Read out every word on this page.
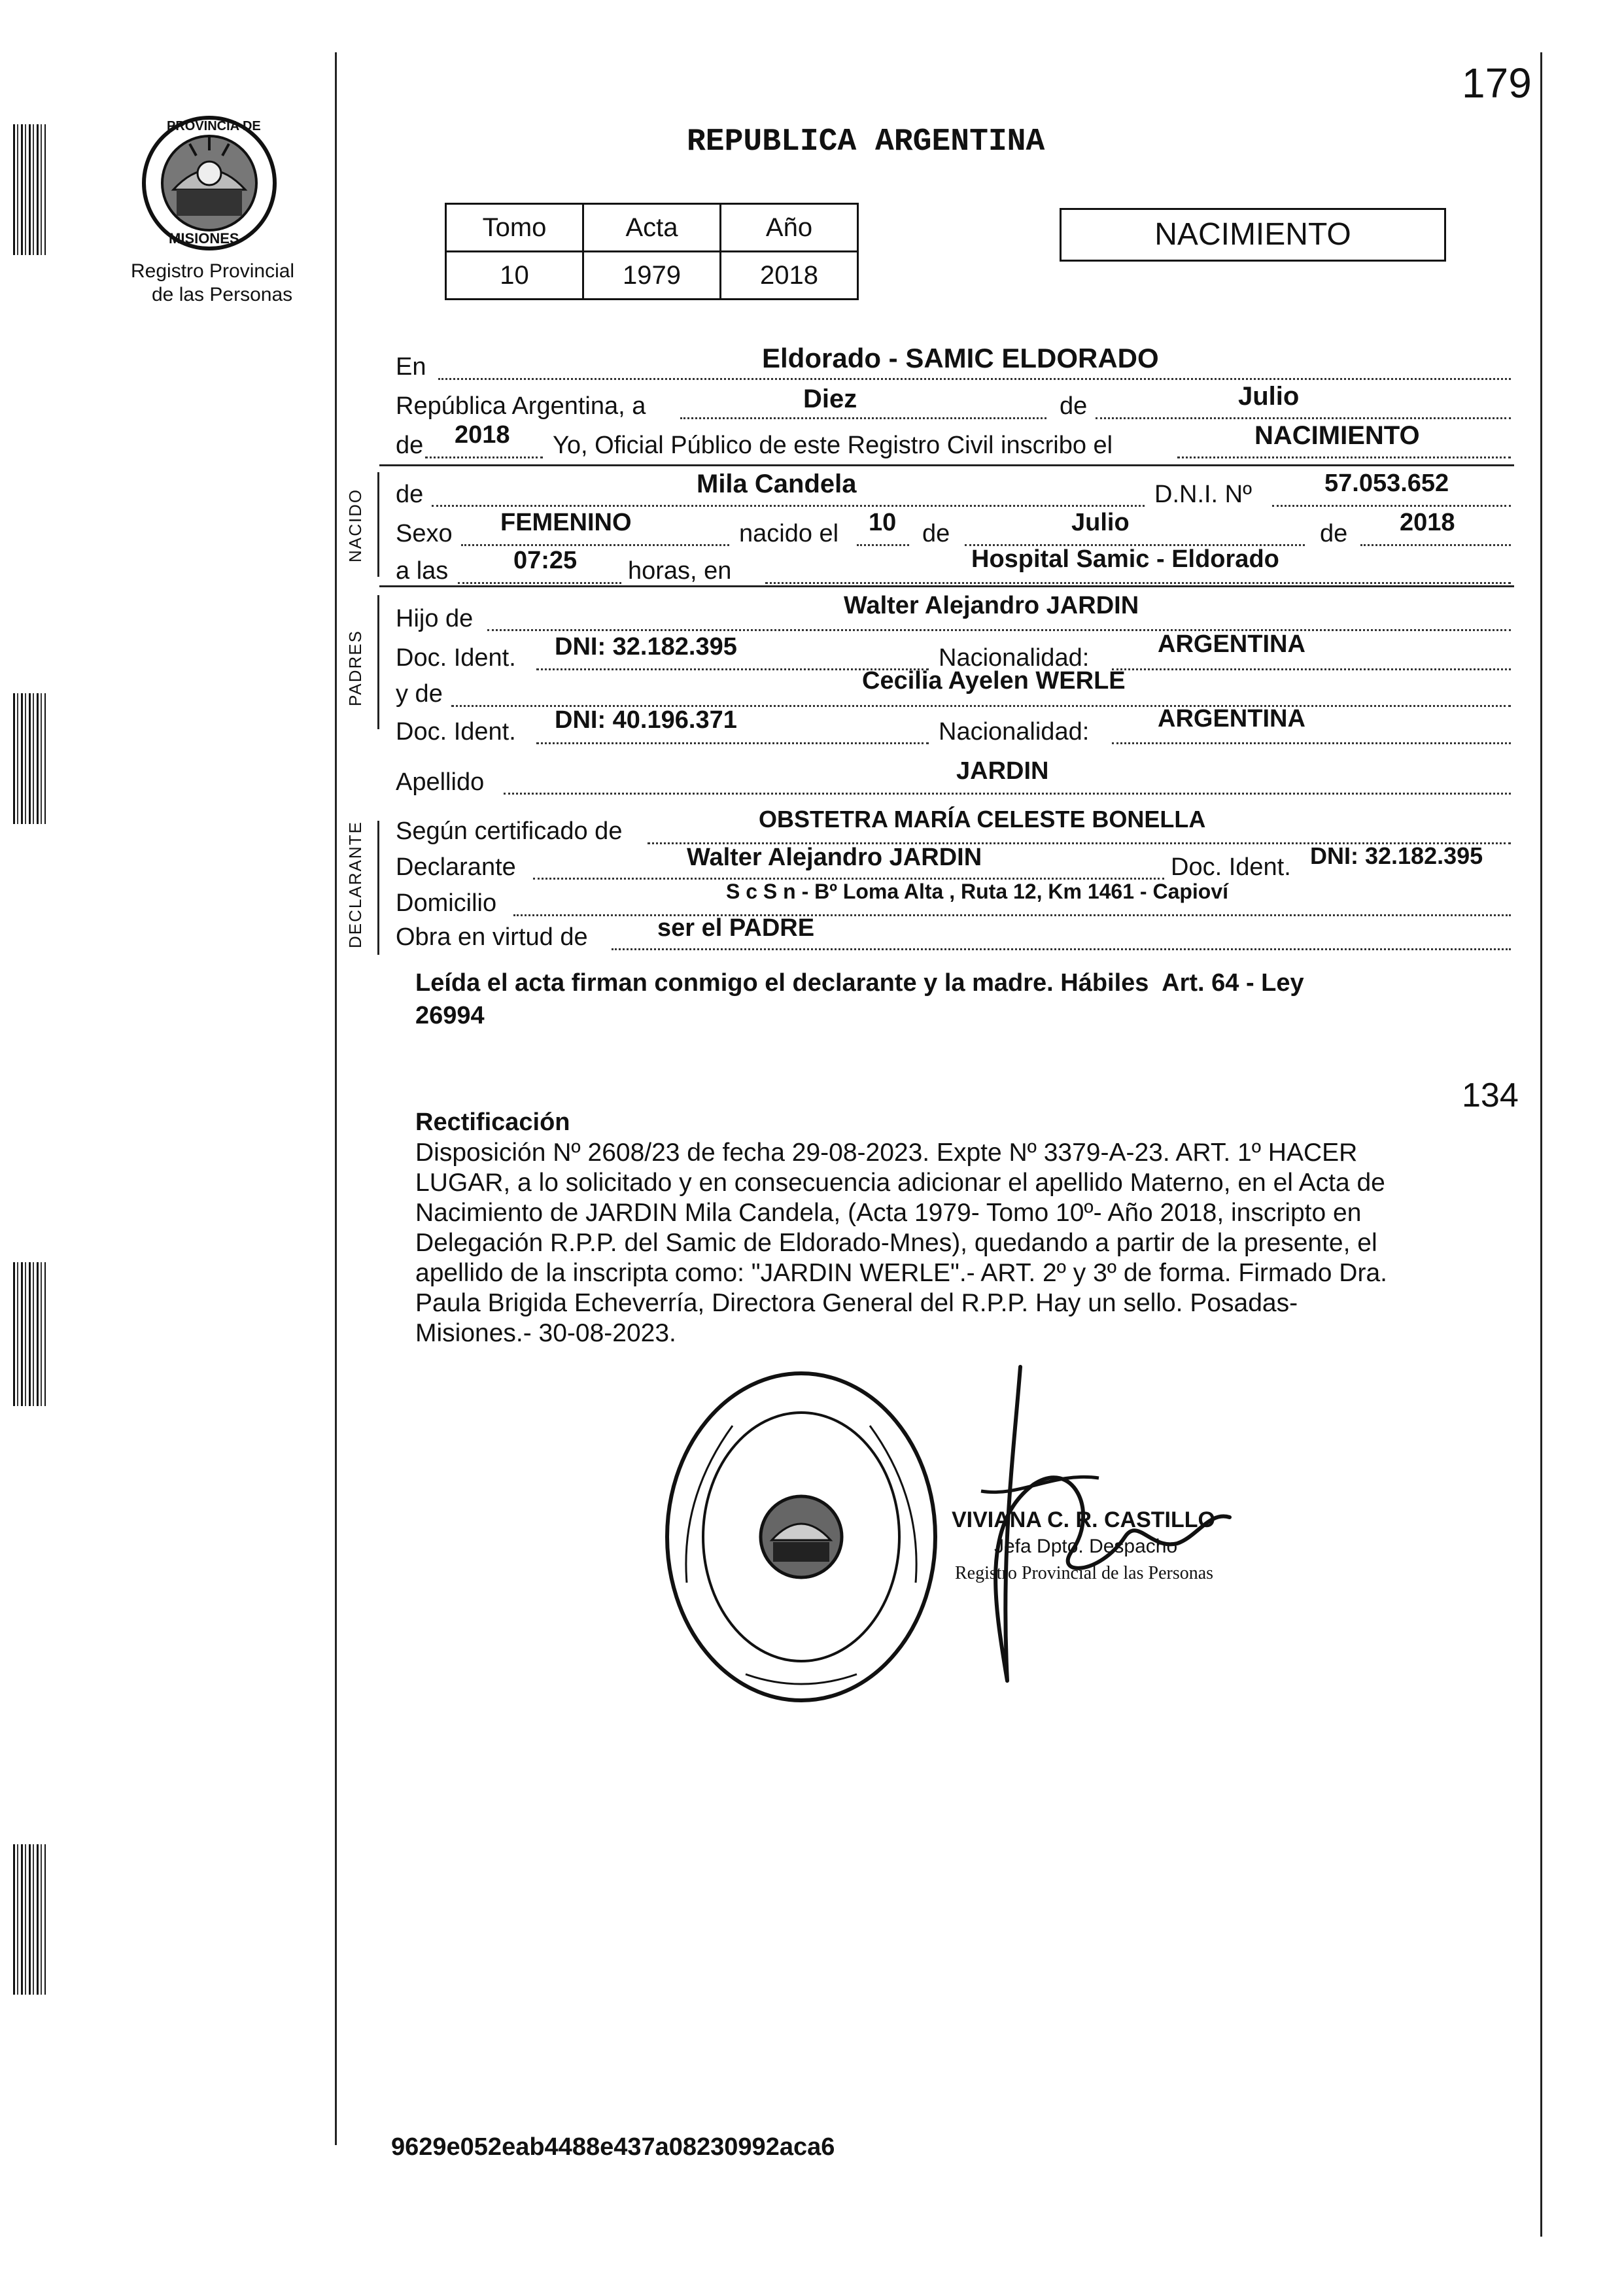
179
PROVINCIA DE
MISIONES
Registro Provincial
de las Personas
REPUBLICA ARGENTINA
Tomo	Acta	Año
10	1979	2018
NACIMIENTO
En	Eldorado - SAMIC ELDORADO
República Argentina, a	Diez	de	Julio
de 2018 Yo, Oficial Público de este Registro Civil inscribo el	NACIMIENTO
NACIDO de	Mila Candela	D.N.I. Nº	57.053.652
Sexo FEMENINO	nacido el 10 de	Julio	de 2018
a las	07:25 horas, en	Hospital Samic - Eldorado
PADRES
Hijo de	Walter Alejandro JARDIN
Doc. Ident. DNI: 32.182.395	Nacionalidad:	ARGENTINA
y de	Cecilia Ayelen WERLE
Doc. Ident. DNI: 40.196.371	Nacionalidad:	ARGENTINA
Apellido	JARDIN
DECLARANTE Según certificado de	OBSTETRA MARÍA CELESTE BONELLA
Declarante	Walter Alejandro JARDIN	Doc. Ident. DNI: 32.182.395
Domicilio	S c S n - Bº Loma Alta , Ruta 12, Km 1461 - Capioví
Obra en virtud de	ser el PADRE
Leída el acta firman conmigo el declarante y la madre. Hábiles  Art. 64 - Ley
26994
134
Rectificación
Disposición Nº 2608/23 de fecha 29-08-2023. Expte Nº 3379-A-23. ART. 1º HACER
LUGAR, a lo solicitado y en consecuencia adicionar el apellido Materno, en el Acta de
Nacimiento de JARDIN Mila Candela, (Acta 1979- Tomo 10º- Año 2018, inscripto en
Delegación R.P.P. del Samic de Eldorado-Mnes), quedando a partir de la presente, el
apellido de la inscripta como: "JARDIN WERLE".- ART. 2º y 3º de forma. Firmado Dra.
Paula Brigida Echeverría, Directora General del R.P.P. Hay un sello. Posadas-
Misiones.- 30-08-2023.
VIVIANA C. R. CASTILLO
Jefa Dpto. Despacho
Registro Provincial de las Personas
9629e052eab4488e437a08230992aca6
